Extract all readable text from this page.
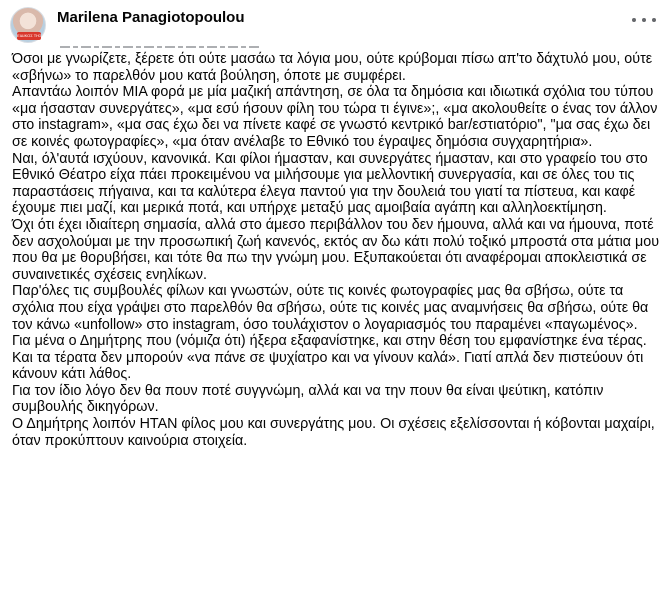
ΕΙΔΙΚΟΣ ΤΗΣ ΕΠΙΣΤΗΜΗΣ
Marilena Panagiotopoulou

Όσοι με γνωρίζετε, ξέρετε ότι ούτε μασάω τα λόγια μου, ούτε κρύβομαι πίσω απ'το δάχτυλό μου, ούτε «σβήνω» το παρελθόν μου κατά βούληση, όποτε με συμφέρει.

Απαντάω λοιπόν ΜΙΑ φορά με μία μαζική απάντηση, σε όλα τα δημόσια και ιδιωτικά σχόλια του τύπου «μα ήσασταν συνεργάτες», «μα εσύ ήσουν φίλη του τώρα τι έγινε»;, «μα ακολουθείτε ο ένας τον άλλον στο instagram», «μα σας έχω δει να πίνετε καφέ σε γνωστό κεντρικό bar/εστιατόριο", "μα σας έχω δει σε κοινές φωτογραφίες», «μα όταν ανέλαβε το Εθνικό του έγραψες δημόσια συγχαρητήρια».

Ναι, όλ'αυτά ισχύουν, κανονικά. Και φίλοι ήμασταν, και συνεργάτες ήμασταν, και στο γραφείο του στο Εθνικό Θέατρο είχα πάει προκειμένου να μιλήσουμε για μελλοντική συνεργασία, και σε όλες του τις παραστάσεις πήγαινα, και τα καλύτερα έλεγα παντού για την δουλειά του γιατί τα πίστευα, και καφέ έχουμε πιει μαζί, και μερικά ποτά, και υπήρχε μεταξύ μας αμοιβαία αγάπη και αλληλοεκτίμηση.

Όχι ότι έχει ιδιαίτερη σημασία, αλλά στο άμεσο περιβάλλον του δεν ήμουνα, αλλά και να ήμουνα, ποτέ δεν ασχολούμαι με την προσωπική ζωή κανενός, εκτός αν δω κάτι πολύ τοξικό μπροστά στα μάτια μου που θα με θορυβήσει, και τότε θα πω την γνώμη μου. Εξυπακούεται ότι αναφέρομαι αποκλειστικά σε συναινετικές σχέσεις ενηλίκων.

Παρ'όλες τις συμβουλές φίλων και γνωστών, ούτε τις κοινές φωτογραφίες μας θα σβήσω, ούτε τα σχόλια που είχα γράψει στο παρελθόν θα σβήσω, ούτε τις κοινές μας αναμνήσεις θα σβήσω, ούτε θα τον κάνω «unfollow» στο instagram, όσο τουλάχιστον ο λογαριασμός του παραμένει «παγωμένος».

Για μένα ο Δημήτρης που (νόμιζα ότι) ήξερα εξαφανίστηκε, και στην θέση του εμφανίστηκε ένα τέρας.

Και τα τέρατα δεν μπορούν «να πάνε σε ψυχίατρο και να γίνουν καλά». Γιατί απλά δεν πιστεύουν ότι κάνουν κάτι λάθος.

Για τον ίδιο λόγο δεν θα πουν ποτέ συγγνώμη, αλλά και να την πουν θα είναι ψεύτικη, κατόπιν συμβουλής δικηγόρων.

Ο Δημήτρης λοιπόν ΗΤΑΝ φίλος μου και συνεργάτης μου. Οι σχέσεις εξελίσσονται ή κόβονται μαχαίρι, όταν προκύπτουν καινούρια στοιχεία.
